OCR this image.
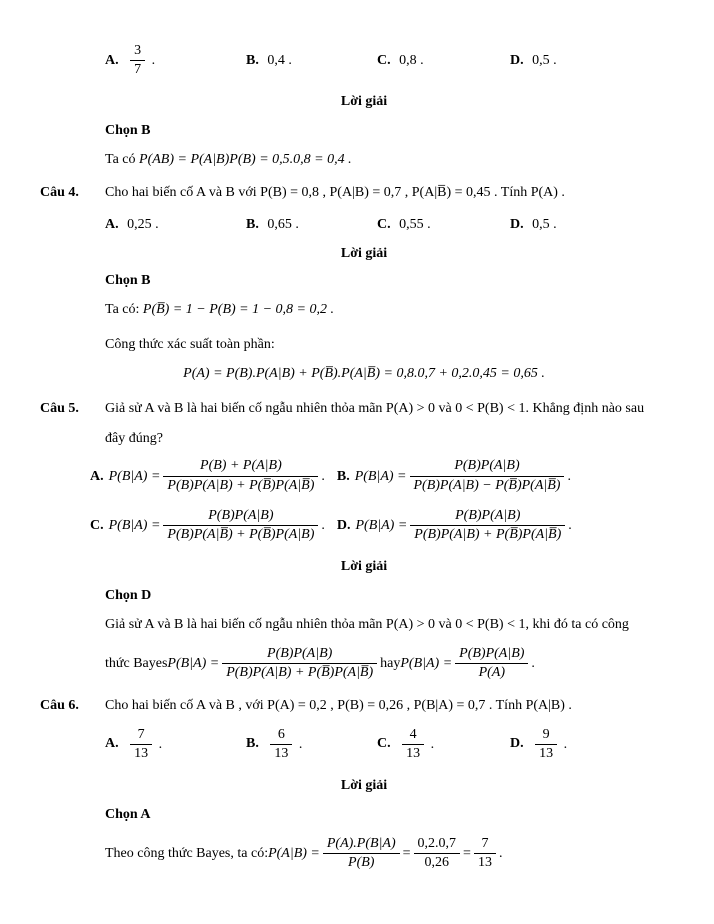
A. $\frac{3}{7}$ .	B. 0,4 .	C. 0,8 .	D. 0,5 .
Lời giải
Chọn B
Ta có P(AB) = P(A|B)P(B) = 0,5.0,8 = 0,4 .
Câu 4.	Cho hai biến cố A và B với P(B) = 0,8 , P(A|B) = 0,7 , P(A|B̅) = 0,45 . Tính P(A) .
A. 0,25 .	B. 0,65 .	C. 0,55 .	D. 0,5 .
Lời giải
Chọn B
Ta có: P(B̅) = 1 − P(B) = 1 − 0,8 = 0,2 .
Công thức xác suất toàn phần:
P(A) = P(B).P(A|B) + P(B̅).P(A|B̅) = 0,8.0,7 + 0,2.0,45 = 0,65 .
Câu 5.	Giả sử A và B là hai biến cố ngẫu nhiên thỏa mãn P(A) > 0 và 0 < P(B) < 1. Khẳng định nào sau
đây đúng?
A. $P(B|A) = \frac{P(B) + P(A|B)}{P(B)P(A|B) + P(B̅)P(A|B̅)}$ . B. $P(B|A) = \frac{P(B)P(A|B)}{P(B)P(A|B) - P(B̅)P(A|B̅)}$ .
C. $P(B|A) = \frac{P(B)P(A|B)}{P(B)P(A|B̅) + P(B̅)P(A|B)}$ . D. $P(B|A) = \frac{P(B)P(A|B)}{P(B)P(A|B) + P(B̅)P(A|B̅)}$ .
Lời giải
Chọn D
Giả sử A và B là hai biến cố ngẫu nhiên thỏa mãn P(A) > 0 và 0 < P(B) < 1, khi đó ta có công
thức Bayes $P(B|A) = \frac{P(B)P(A|B)}{P(B)P(A|B) + P(B̅)P(A|B̅)}$ hay $P(B|A) = \frac{P(B)P(A|B)}{P(A)}$ .
Câu 6.	Cho hai biến cố A và B , với P(A) = 0,2 , P(B) = 0,26 , P(B|A) = 0,7 . Tính P(A|B) .
A. $\frac{7}{13}$ .	B. $\frac{6}{13}$ .	C. $\frac{4}{13}$ .	D. $\frac{9}{13}$ .
Lời giải
Chọn A
Theo công thức Bayes, ta có: $P(A|B) = \frac{P(A).P(B|A)}{P(B)} = \frac{0,2.0,7}{0,26} = \frac{7}{13}$ .
